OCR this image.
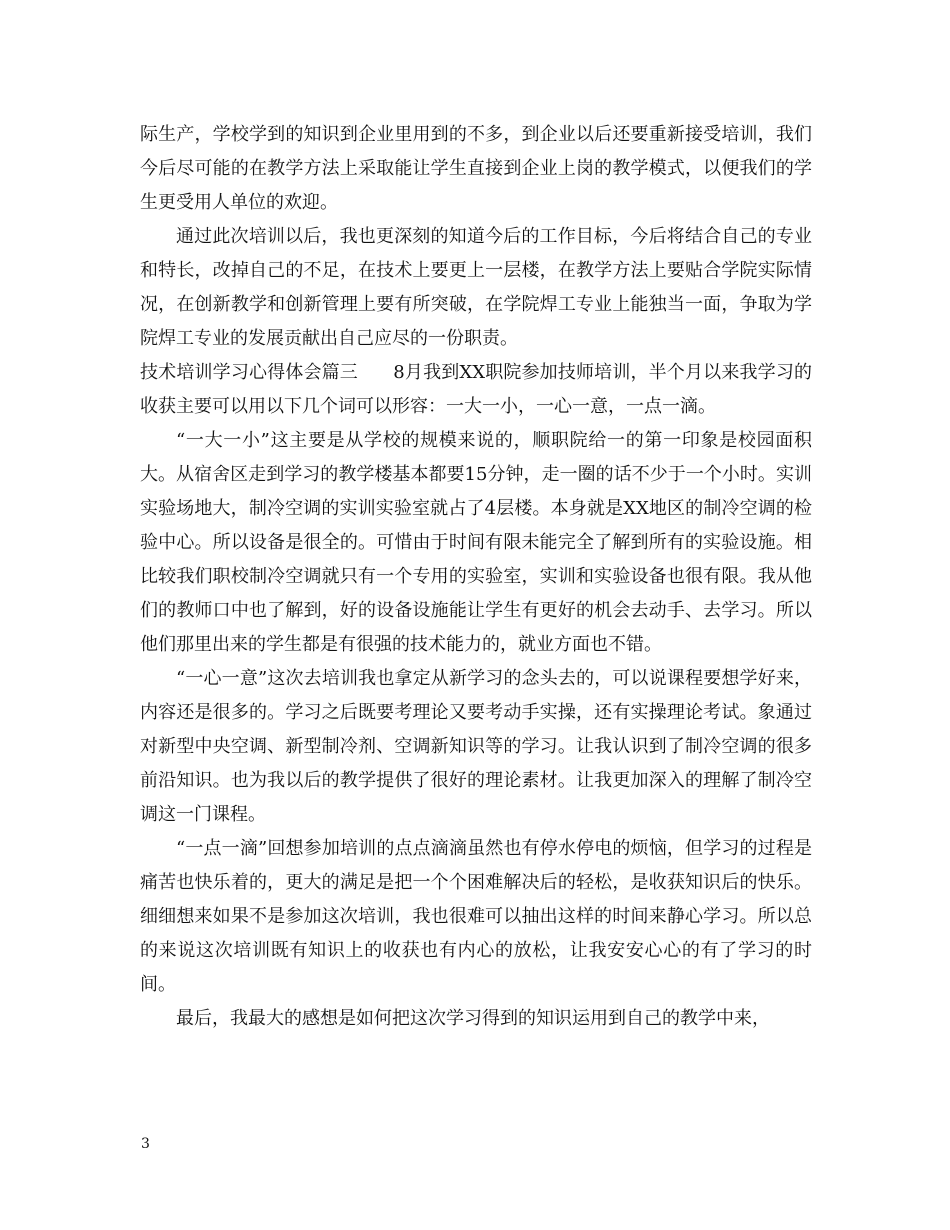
际生产，学校学到的知识到企业里用到的不多，到企业以后还要重新接受培训，我们今后尽可能的在教学方法上采取能让学生直接到企业上岗的教学模式，以便我们的学生更受用人单位的欢迎。

通过此次培训以后，我也更深刻的知道今后的工作目标，今后将结合自己的专业和特长，改掉自己的不足，在技术上要更上一层楼，在教学方法上要贴合学院实际情况，在创新教学和创新管理上要有所突破，在学院焊工专业上能独当一面，争取为学院焊工专业的发展贡献出自己应尽的一份职责。

技术培训学习心得体会篇三      8月我到XX职院参加技师培训，半个月以来我学习的收获主要可以用以下几个词可以形容：一大一小，一心一意，一点一滴。

“一大一小”这主要是从学校的规模来说的，顺职院给一的第一印象是校园面积大。从宿舍区走到学习的教学楼基本都要15分钟，走一圈的话不少于一个小时。实训实验场地大，制冷空调的实训实验室就占了4层楼。本身就是XX地区的制冷空调的检验中心。所以设备是很全的。可惜由于时间有限未能完全了解到所有的实验设施。相比较我们职校制冷空调就只有一个专用的实验室，实训和实验设备也很有限。我从他们的教师口中也了解到，好的设备设施能让学生有更好的机会去动手、去学习。所以他们那里出来的学生都是有很强的技术能力的，就业方面也不错。

“一心一意”这次去培训我也拿定从新学习的念头去的，可以说课程要想学好来，内容还是很多的。学习之后既要考理论又要考动手实操，还有实操理论考试。象通过对新型中央空调、新型制冷剂、空调新知识等的学习。让我认识到了制冷空调的很多前沿知识。也为我以后的教学提供了很好的理论素材。让我更加深入的理解了制冷空调这一门课程。

“一点一滴”回想参加培训的点点滴滴虽然也有停水停电的烦恼，但学习的过程是痛苦也快乐着的，更大的满足是把一个个困难解决后的轻松，是收获知识后的快乐。细细想来如果不是参加这次培训，我也很难可以抽出这样的时间来静心学习。所以总的来说这次培训既有知识上的收获也有内心的放松，让我安安心心的有了学习的时间。

最后，我最大的感想是如何把这次学习得到的知识运用到自己的教学中来，

3
